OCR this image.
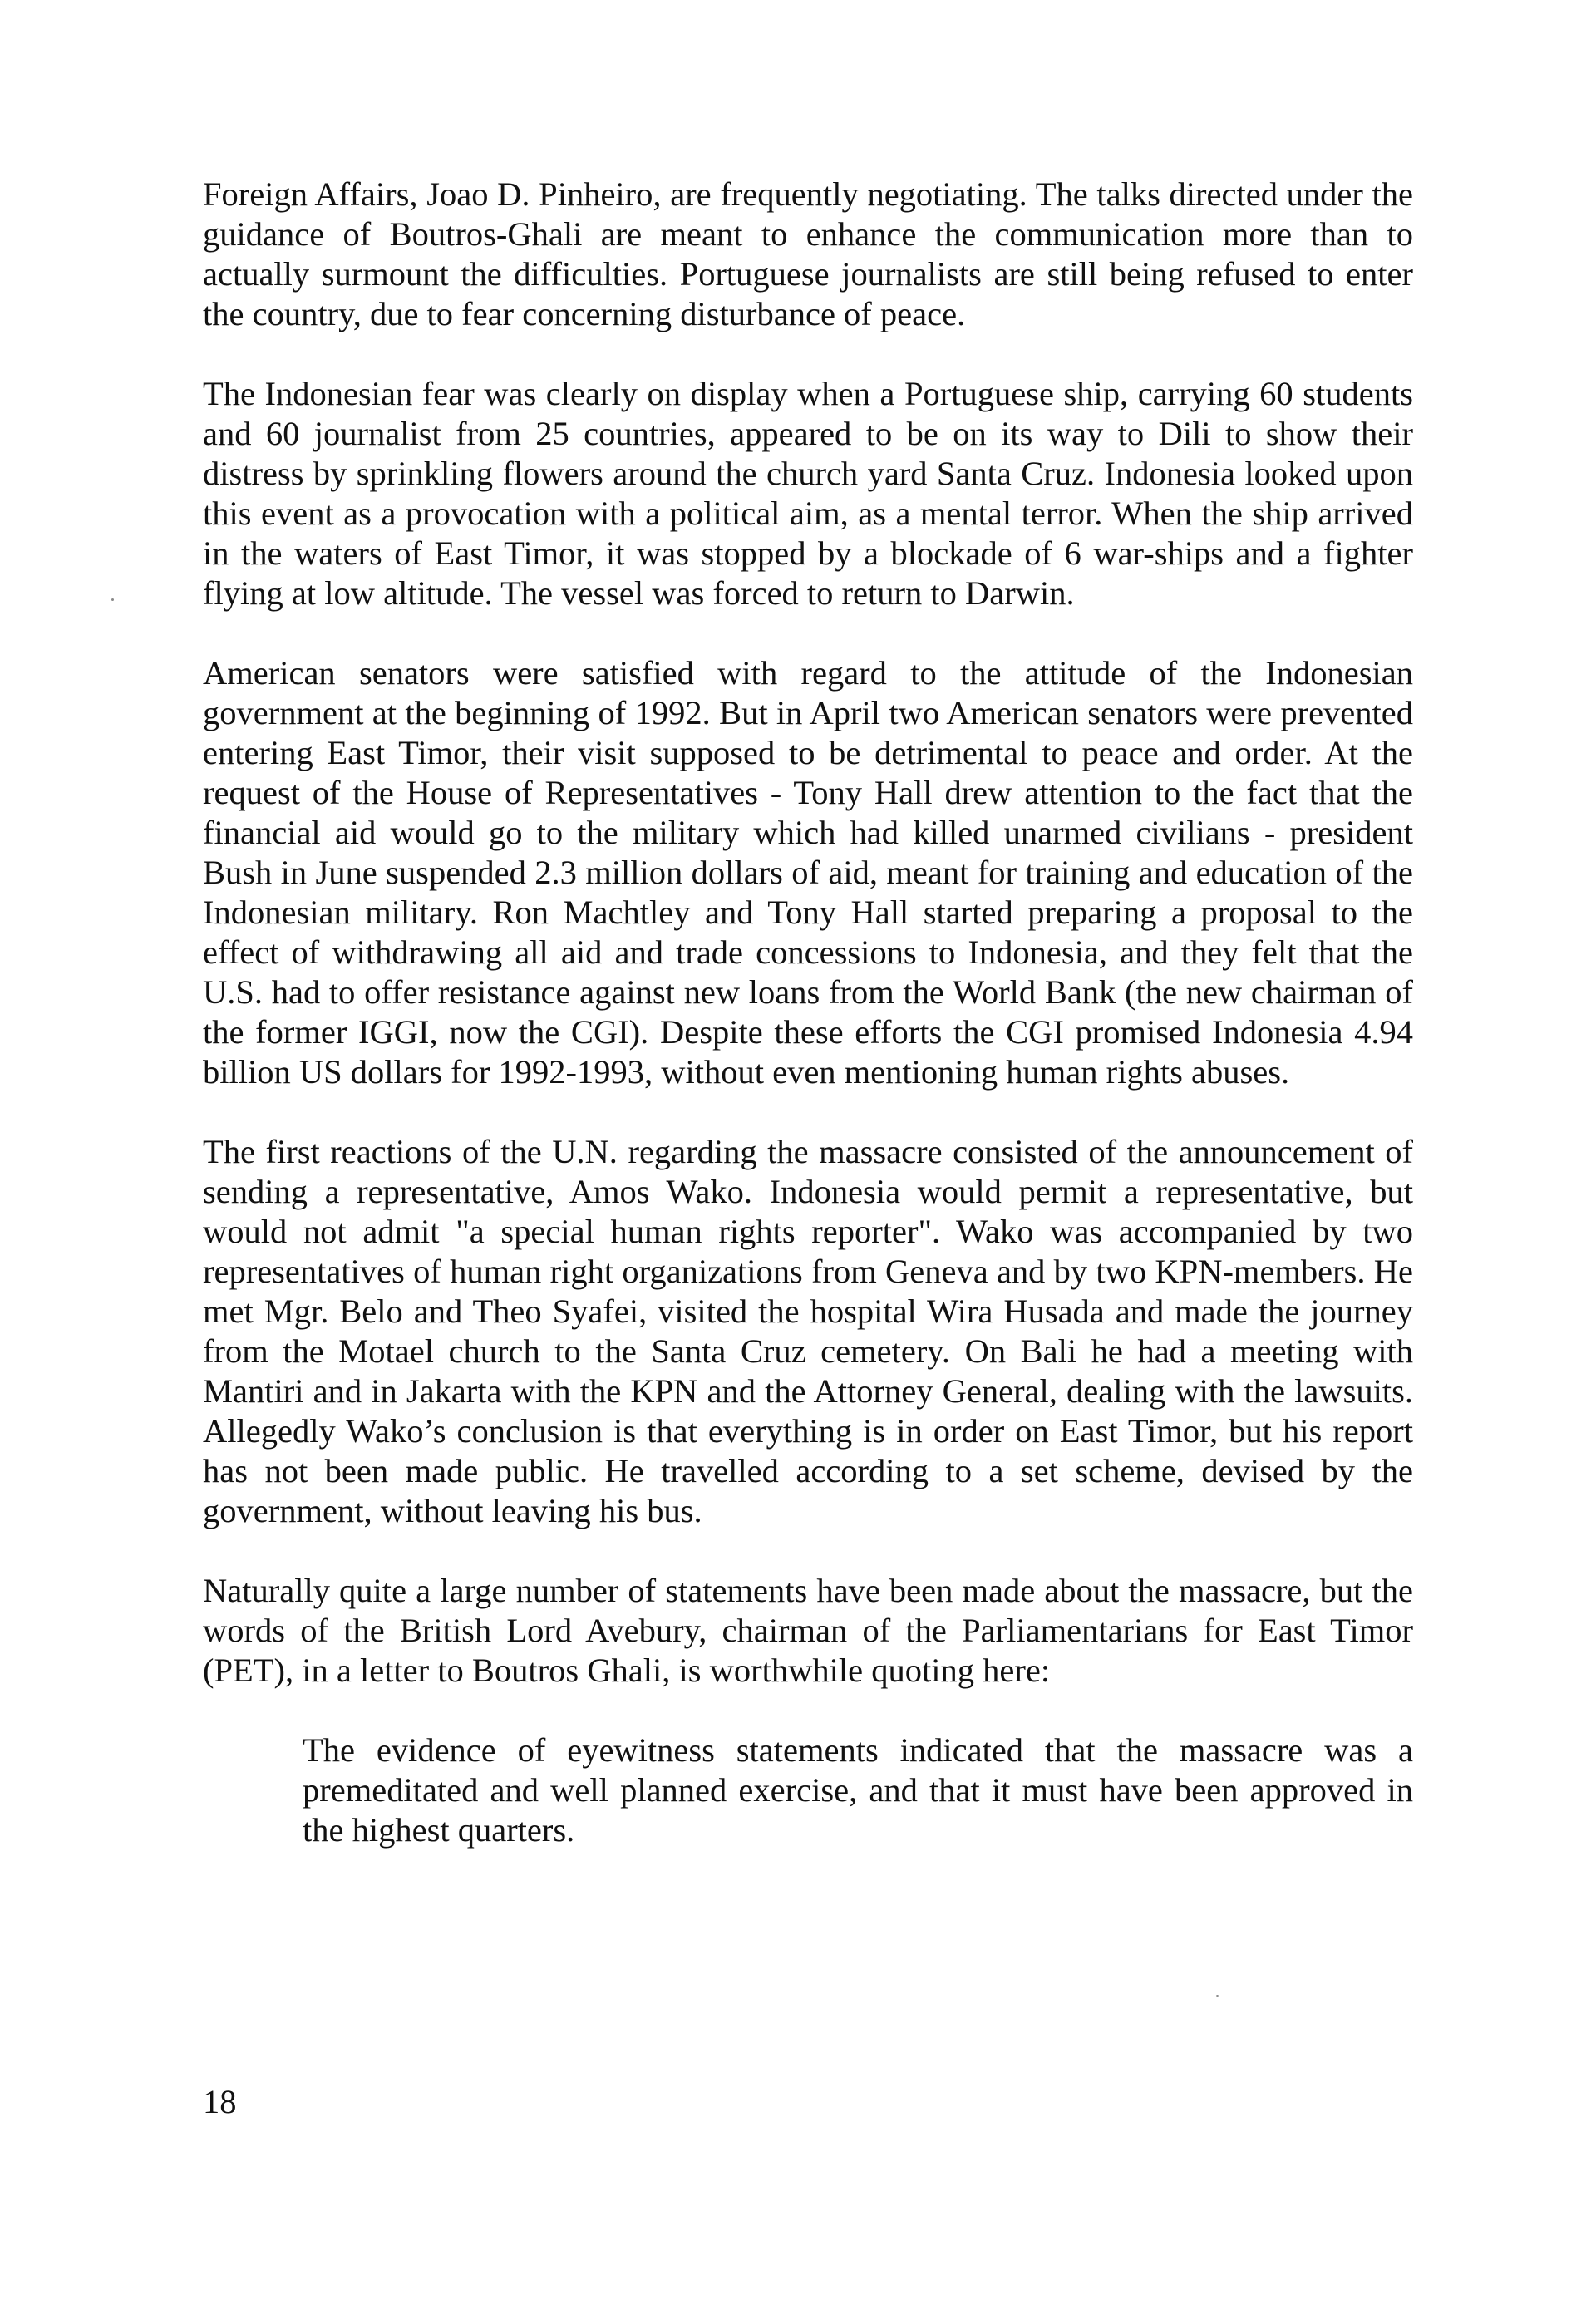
Foreign Affairs, Joao D. Pinheiro, are frequently negotiating. The talks directed under the guidance of Boutros-Ghali are meant to enhance the communication more than to actually surmount the difficulties. Portuguese journalists are still being refused to enter the country, due to fear concerning disturbance of peace.

The Indonesian fear was clearly on display when a Portuguese ship, carrying 60 students and 60 journalist from 25 countries, appeared to be on its way to Dili to show their distress by sprinkling flowers around the church yard Santa Cruz. Indonesia looked upon this event as a provocation with a political aim, as a mental terror. When the ship arrived in the waters of East Timor, it was stopped by a blockade of 6 war-ships and a fighter flying at low altitude. The vessel was forced to return to Darwin.

American senators were satisfied with regard to the attitude of the Indonesian government at the beginning of 1992. But in April two American senators were prevented entering East Timor, their visit supposed to be detrimental to peace and order. At the request of the House of Representatives - Tony Hall drew attention to the fact that the financial aid would go to the military which had killed unarmed civilians - president Bush in June suspended 2.3 million dollars of aid, meant for training and education of the Indonesian military. Ron Machtley and Tony Hall started preparing a proposal to the effect of withdrawing all aid and trade concessions to Indonesia, and they felt that the U.S. had to offer resistance against new loans from the World Bank (the new chairman of the former IGGI, now the CGI). Despite these efforts the CGI promised Indonesia 4.94 billion US dollars for 1992-1993, without even mentioning human rights abuses.

The first reactions of the U.N. regarding the massacre consisted of the announcement of sending a representative, Amos Wako. Indonesia would permit a representative, but would not admit "a special human rights reporter". Wako was accompanied by two representatives of human right organizations from Geneva and by two KPN-members. He met Mgr. Belo and Theo Syafei, visited the hospital Wira Husada and made the journey from the Motael church to the Santa Cruz cemetery. On Bali he had a meeting with Mantiri and in Jakarta with the KPN and the Attorney General, dealing with the lawsuits. Allegedly Wako’s conclusion is that everything is in order on East Timor, but his report has not been made public. He travelled according to a set scheme, devised by the government, without leaving his bus.

Naturally quite a large number of statements have been made about the massacre, but the words of the British Lord Avebury, chairman of the Parliamentarians for East Timor (PET), in a letter to Boutros Ghali, is worthwhile quoting here:

The evidence of eyewitness statements indicated that the massacre was a premeditated and well planned exercise, and that it must have been approved in the highest quarters.

18
